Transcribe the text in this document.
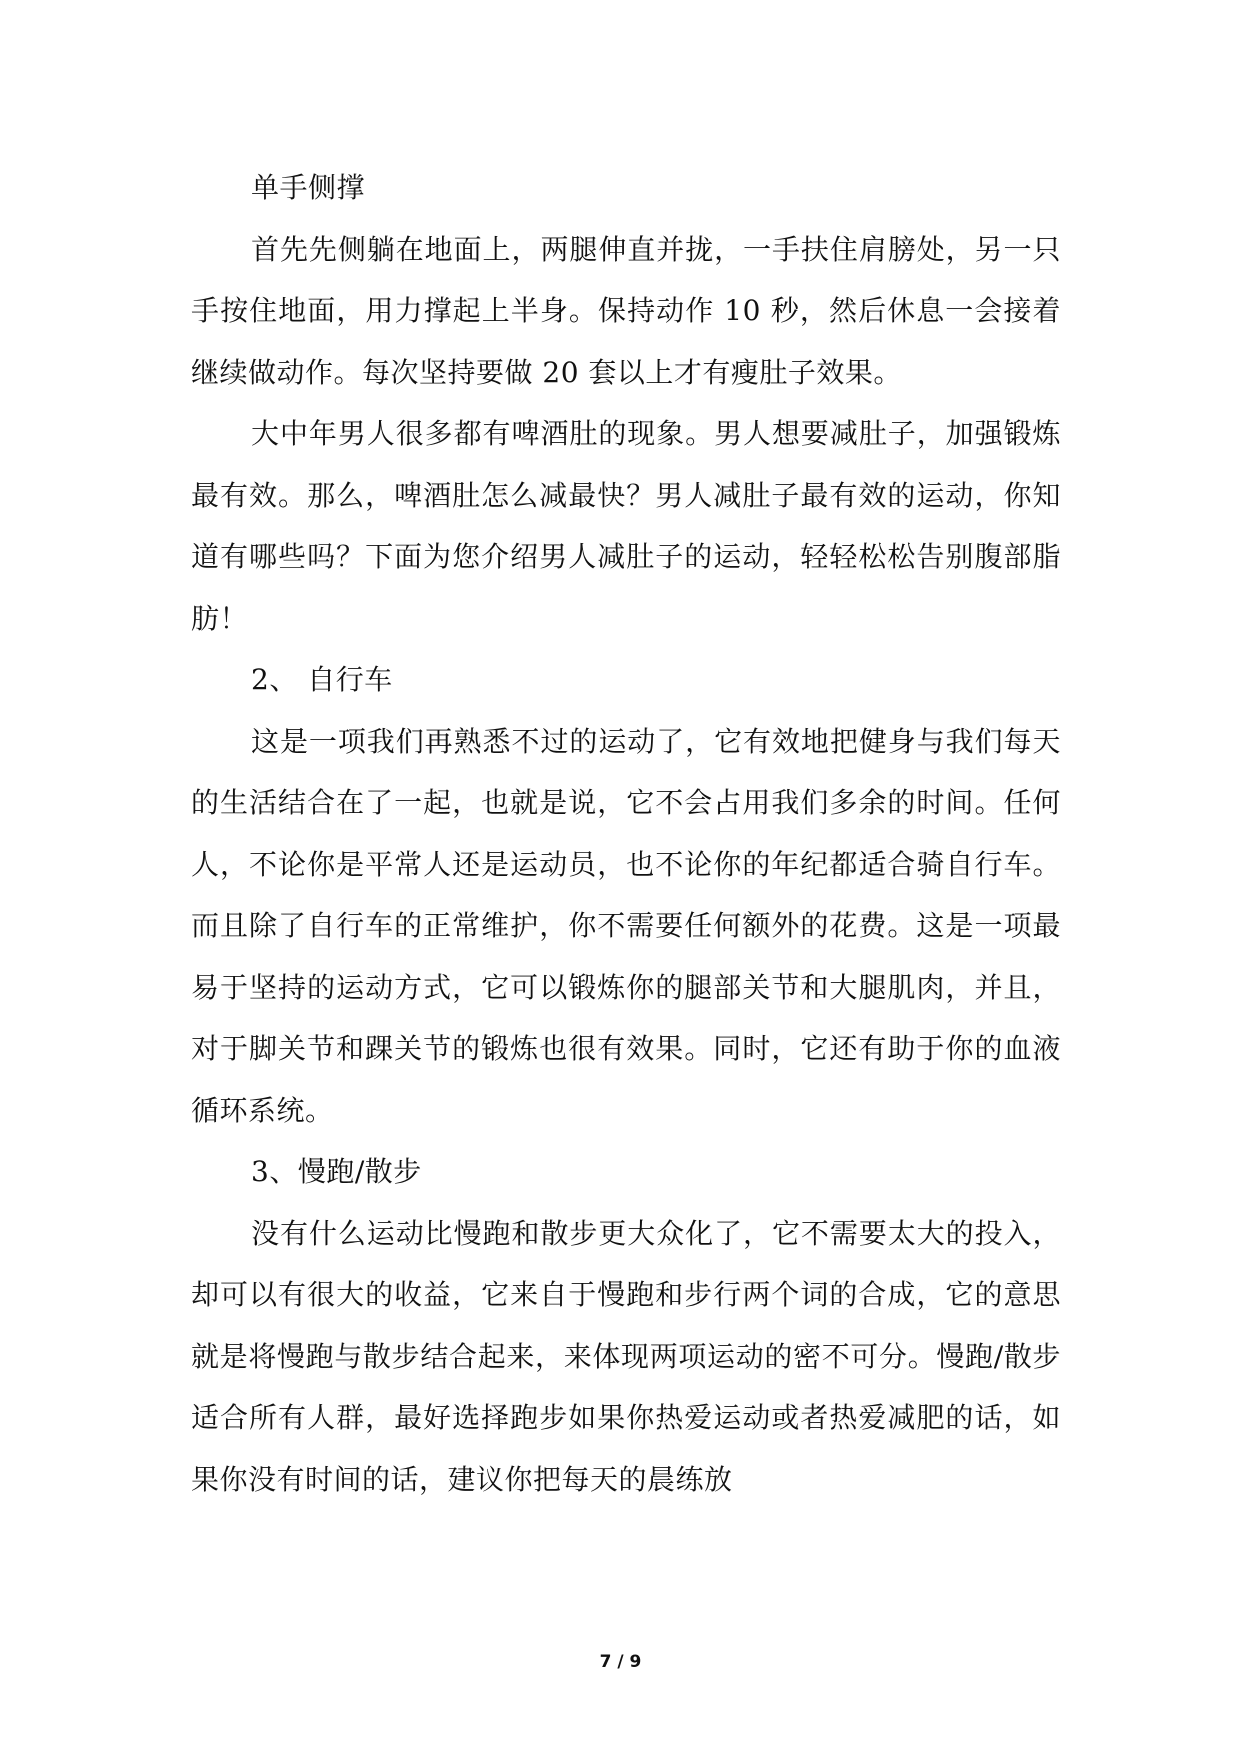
单手侧撑

首先先侧躺在地面上，两腿伸直并拢，一手扶住肩膀处，另一只手按住地面，用力撑起上半身。保持动作 10 秒，然后休息一会接着继续做动作。每次坚持要做 20 套以上才有瘦肚子效果。

大中年男人很多都有啤酒肚的现象。男人想要减肚子，加强锻炼最有效。那么，啤酒肚怎么减最快？男人减肚子最有效的运动，你知道有哪些吗？下面为您介绍男人减肚子的运动，轻轻松松告别腹部脂肪！

2、 自行车

这是一项我们再熟悉不过的运动了，它有效地把健身与我们每天的生活结合在了一起，也就是说，它不会占用我们多余的时间。任何人，不论你是平常人还是运动员，也不论你的年纪都适合骑自行车。而且除了自行车的正常维护，你不需要任何额外的花费。这是一项最易于坚持的运动方式，它可以锻炼你的腿部关节和大腿肌肉，并且，对于脚关节和踝关节的锻炼也很有效果。同时，它还有助于你的血液循环系统。

3、慢跑/散步

没有什么运动比慢跑和散步更大众化了，它不需要太大的投入，却可以有很大的收益，它来自于慢跑和步行两个词的合成，它的意思就是将慢跑与散步结合起来，来体现两项运动的密不可分。慢跑/散步适合所有人群，最好选择跑步如果你热爱运动或者热爱减肥的话，如果你没有时间的话，建议你把每天的晨练放

7 / 9
